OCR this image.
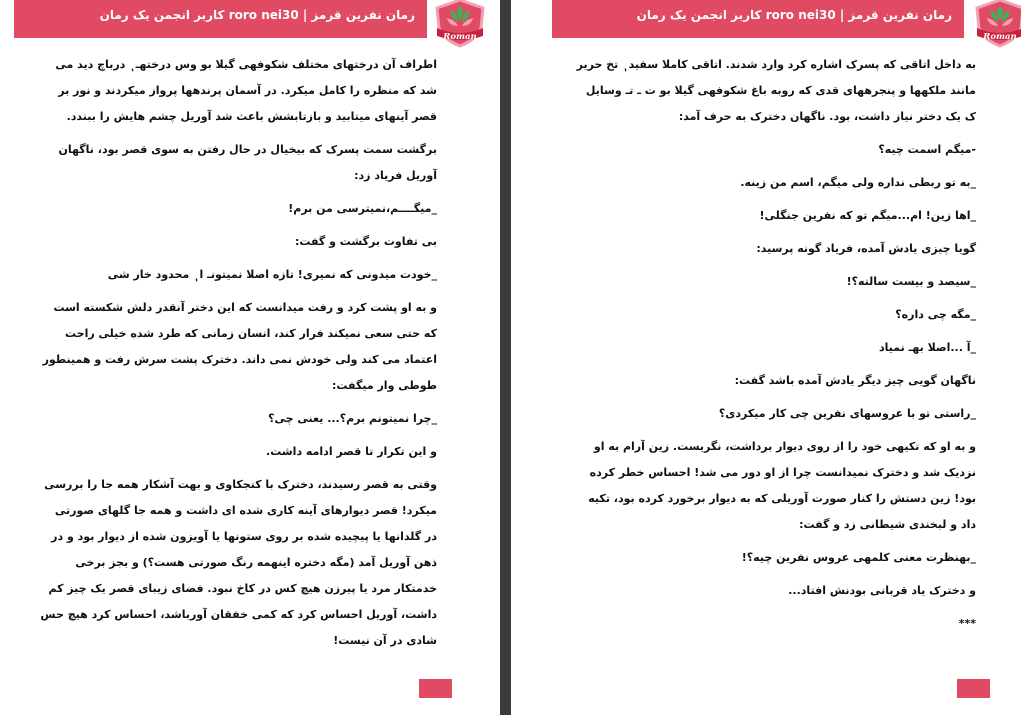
رمان نفرین قرمز | roro nei30 کاربر انجمن یک رمان
Roman

اطراف آن درختهای مختلف شکوفهی گیلا بو وس درختهـ ٖ درباچ دید می شد که منظره را کامل میکرد. در آسمان پرندهها پرواز میکردند و نور بر قصر آینهای میتابید و بازتابشش باعث شد آوریل چشم هایش را ببندد.

برگشت سمت پسرک که بیخیال در حال رفتن به سوی قصر بود، ناگهان آوریل فریاد زد:

_میگــــم،نمیترسی من برم!

بی تفاوت برگشت و گفت:

_خودت میدونی که نمیری! تازه اصلا نمیتونـ ا ٖ محدود خار شی

و به او پشت کرد و رفت میدانست که این دختر آنقدر دلش شکسته است که حتی سعی نمیکند فرار کند، انسان زمانی که طرد شده خیلی راحت اعتماد می کند ولی خودش نمی داند. دخترک پشت سرش رفت و همینطور طوطی وار میگفت:

_چرا نمیتونم برم؟... یعنی چی؟

و این تکرار تا قصر ادامه داشت.

وقتی به قصر رسیدند، دخترک با کنجکاوی و بهت آشکار همه جا را بررسی میکرد! قصر دیوارهای آینه کاری شده ای داشت و همه جا گلهای صورتی در گلدانها یا پیچیده شده بر روی ستونها یا آویزون شده از دیوار بود و در ذهن آوریل آمد (مگه دختره اینهمه رنگ صورتی هست؟) و بجز برخی خدمتکار مرد یا پیرزن هیچ کس در کاخ نبود. فضای زیبای قصر یک چیز کم داشت، آوریل احساس کرد که کمی خفقان آورباشد، احساس کرد هیچ حس شادی در آن نیست!

رمان نفرین قرمز | roro nei30 کاربر انجمن یک رمان
Roman

به داخل اتاقی که پسرک اشاره کرد وارد شدند. اتاقی کاملا سفید ٖ تخ حریر مانند ملکهها و پنجرههای قدی که روبه باغ شکوفهی گیلا بو ت ـ تـ وسایل ک یک دختر نیاز داشت، بود. ناگهان دخترک به حرف آمد:

-میگم اسمت چیه؟

_به تو ربطی نداره ولی میگم، اسم من زینه.

_اها زین! ام...میگم تو که نفرین جنگلی!

گویا چیزی یادش آمده، فریاد گونه پرسید:

_سیصد و بیست سالته؟!

_مگه چی داره؟

_آ ...اصلا بهـ نمیاد

ناگهان گویی چیز دیگر یادش آمده باشد گفت:

_راستی تو با عروسهای نفرین چی کار میکردی؟

و به او که تکیهی خود را از روی دیوار برداشت، نگریست. زین آرام به او نزدیک شد و دخترک نمیدانست چرا از او دور می شد! احساس خطر کرده بود! زین دستش را کنار صورت آوریلی که به دیوار برخورد کرده بود، تکیه داد و لبخندی شیطانی زد و گفت:

_بهنظرت معنی کلمهی عروس نفرین چیه؟!

و دخترک یاد قربانی بودنش افتاد...

***
